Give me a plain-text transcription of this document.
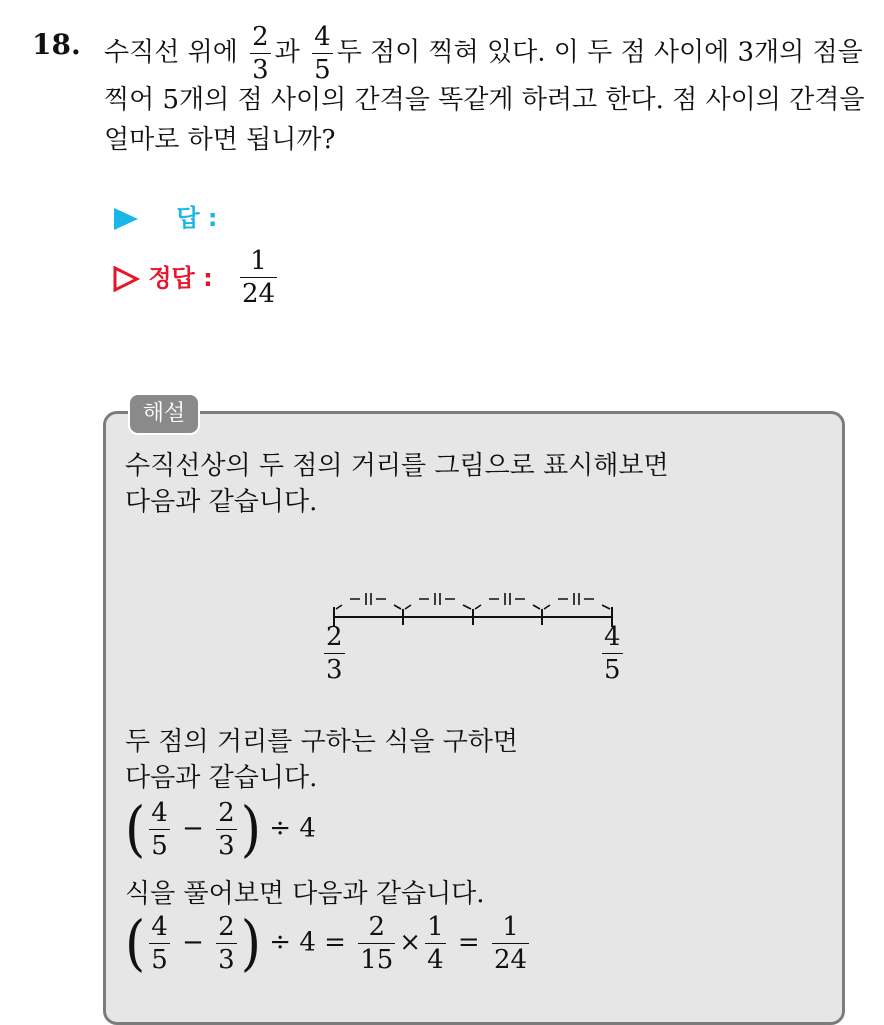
18. 수직선 위에 $\frac{2}{3}$ 과 $\frac{4}{5}$ 두 점이 찍혀 있다. 이 두 점 사이에 3개의 점을
찍어 5개의 점 사이의 간격을 똑같게 하려고 한다. 점 사이의 간격을
얼마로 하면 됩니까?
답 :
정답 : $\frac{1}{24}$
해설
수직선상의 두 점의 거리를 그림으로 표시해보면
다음과 같습니다.
$\frac{2}{3}$	$\frac{4}{5}$
두 점의 거리를 구하는 식을 구하면
다음과 같습니다.
( $\frac{4}{5} - \frac{2}{3}$ ) ÷ 4
식을 풀어보면 다음과 같습니다.
( $\frac{4}{5} - \frac{2}{3}$ ) ÷ $4 = \frac{2}{15} \times \frac{1}{4} = \frac{1}{24}$
